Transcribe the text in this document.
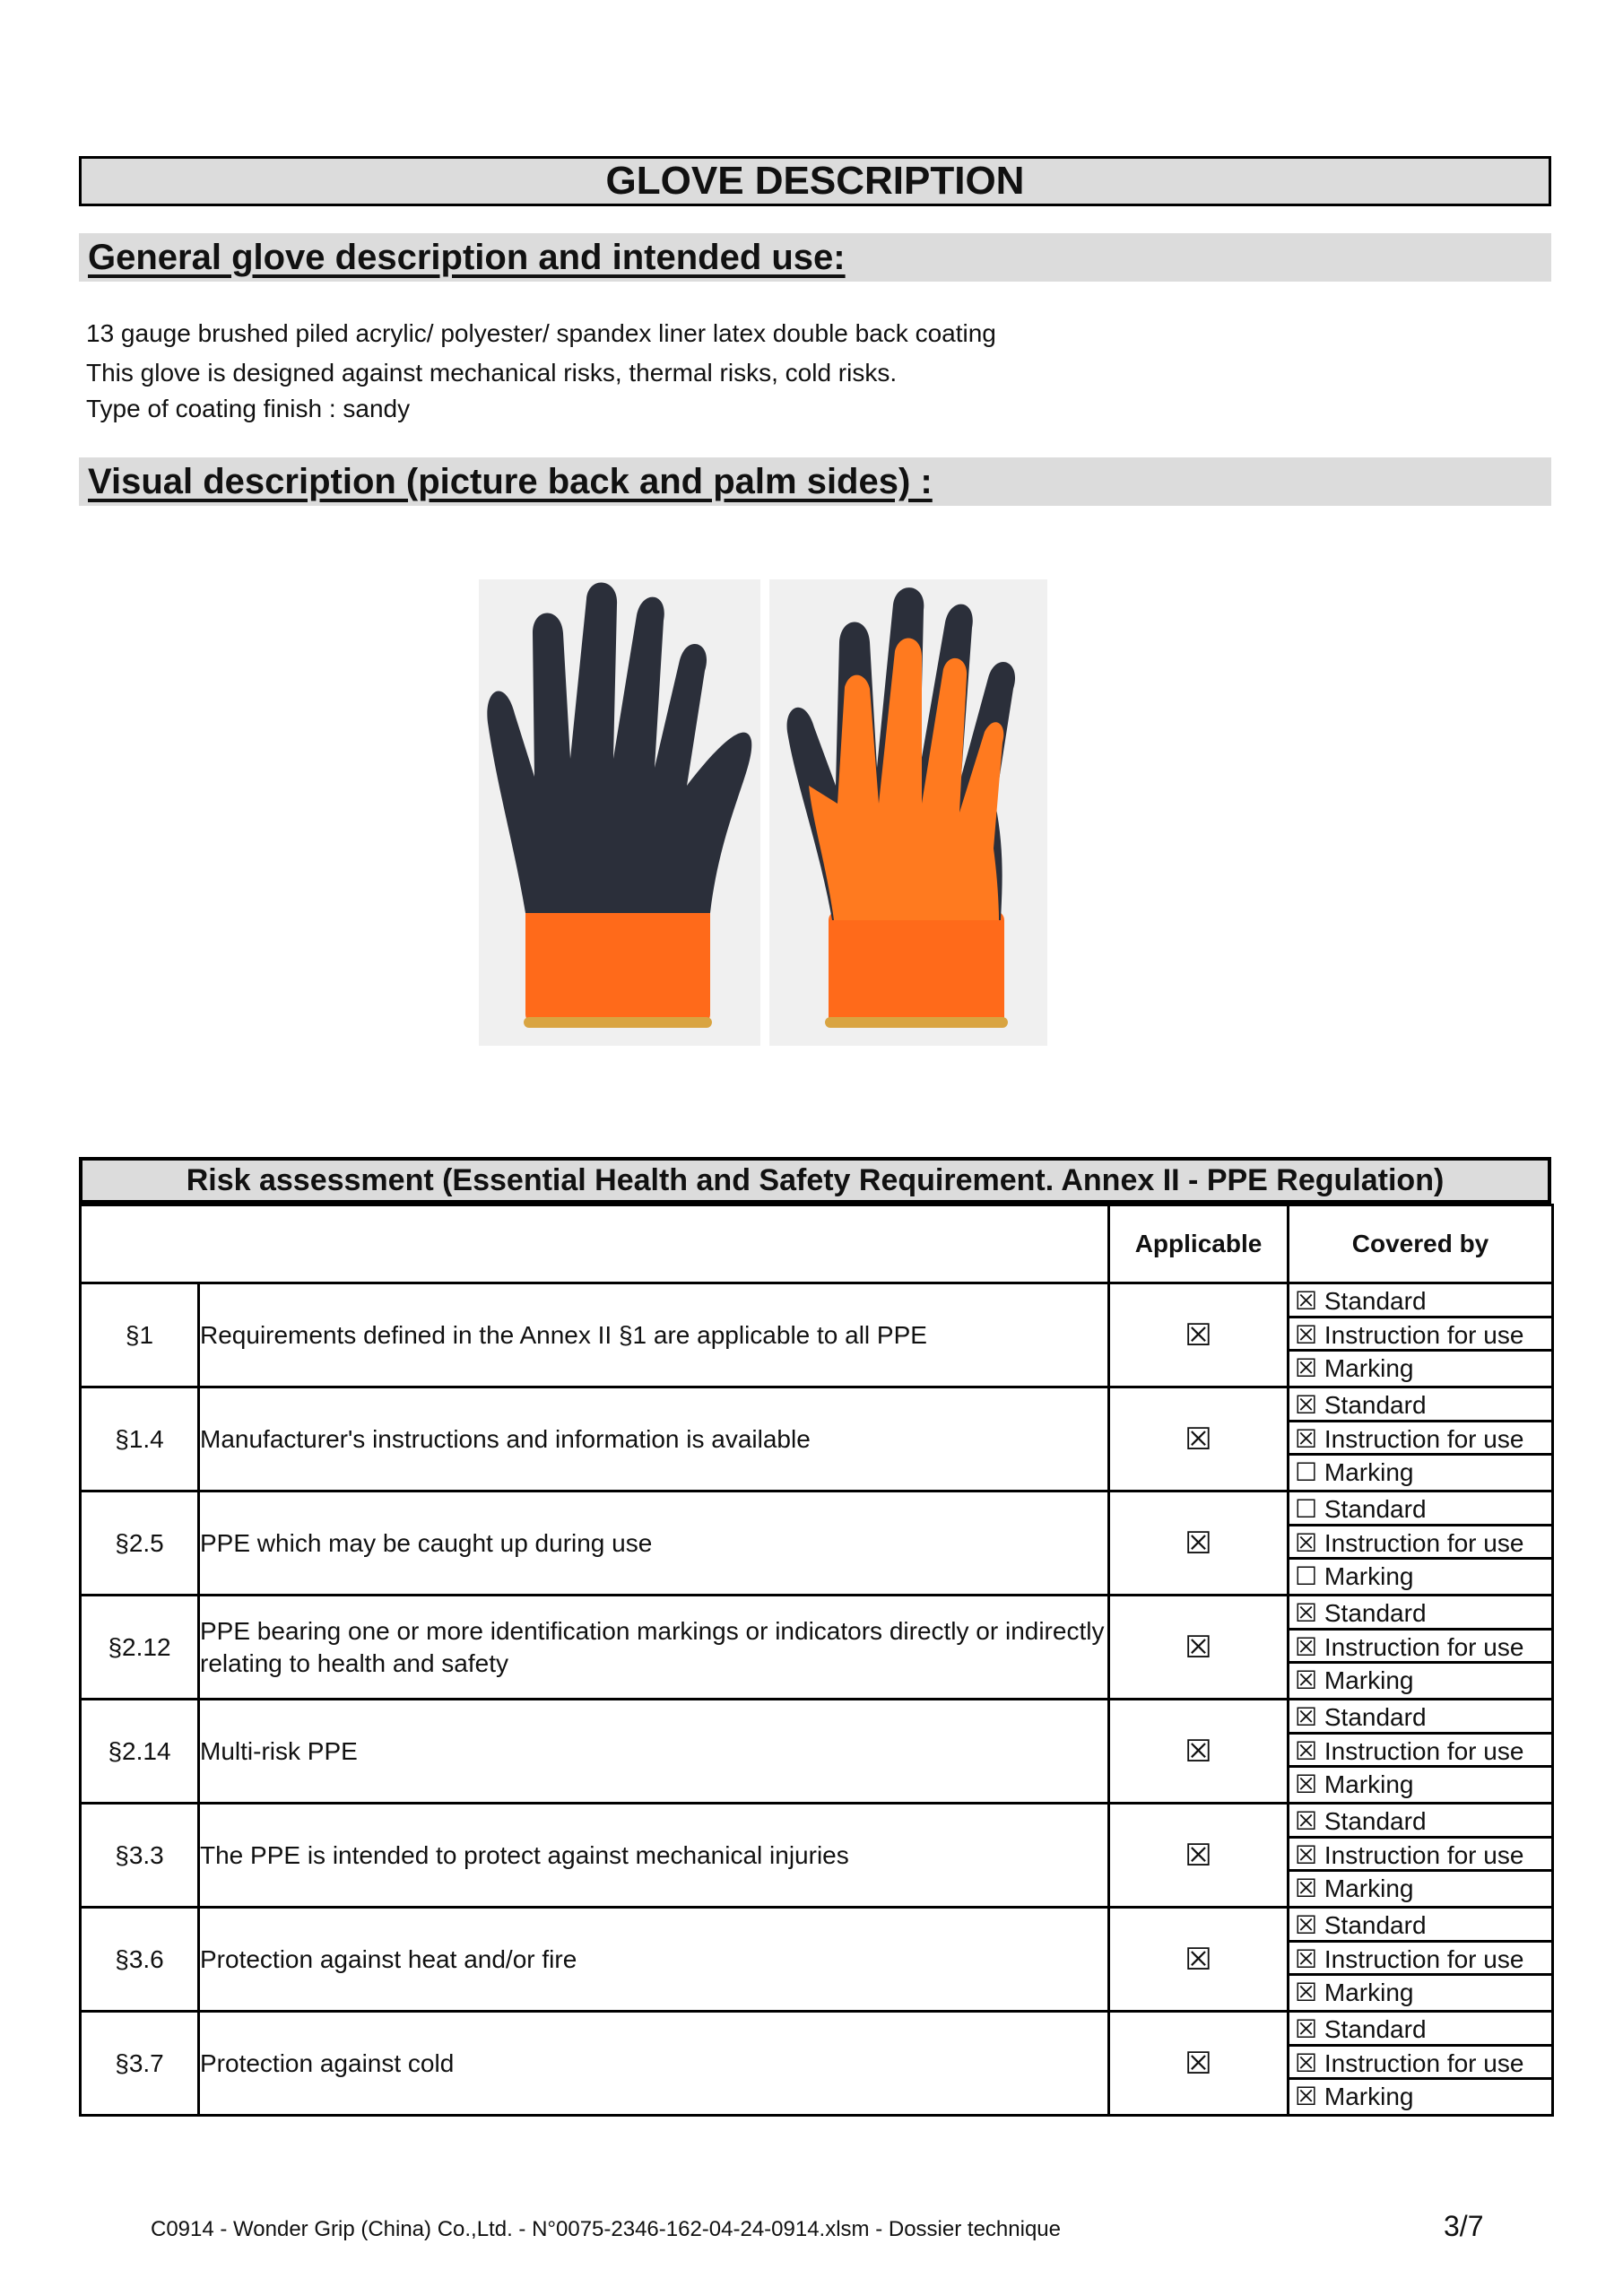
GLOVE DESCRIPTION
General glove description and intended use:
13 gauge brushed piled acrylic/ polyester/ spandex liner latex double back coating
This glove is designed against mechanical risks, thermal risks, cold risks.
Type of coating finish : sandy
Visual description (picture back and palm sides) :
Risk assessment (Essential Health and Safety Requirement. Annex II - PPE Regulation)
		Applicable	Covered by
§1	Requirements defined in the Annex II §1 are applicable to all PPE	☒	☒ Standard
☒ Instruction for use
☒ Marking

§1.4	Manufacturer's instructions and information is available	☒	☒ Standard
☒ Instruction for use
☐ Marking

§2.5	PPE which may be caught up during use	☒	☐ Standard
☒ Instruction for use
☐ Marking

§2.12	PPE bearing one or more identification markings or indicators directly or indirectly relating to health and safety	☒	☒ Standard
☒ Instruction for use
☒ Marking

§2.14	Multi-risk PPE	☒	☒ Standard
☒ Instruction for use
☒ Marking

§3.3	The PPE is intended to protect against mechanical injuries	☒	☒ Standard
☒ Instruction for use
☒ Marking

§3.6	Protection against heat and/or fire	☒	☒ Standard
☒ Instruction for use
☒ Marking

§3.7	Protection against cold	☒	☒ Standard
☒ Instruction for use
☒ Marking
C0914 - Wonder Grip (China) Co.,Ltd. - N°0075-2346-162-04-24-0914.xlsm - Dossier technique	3/7
